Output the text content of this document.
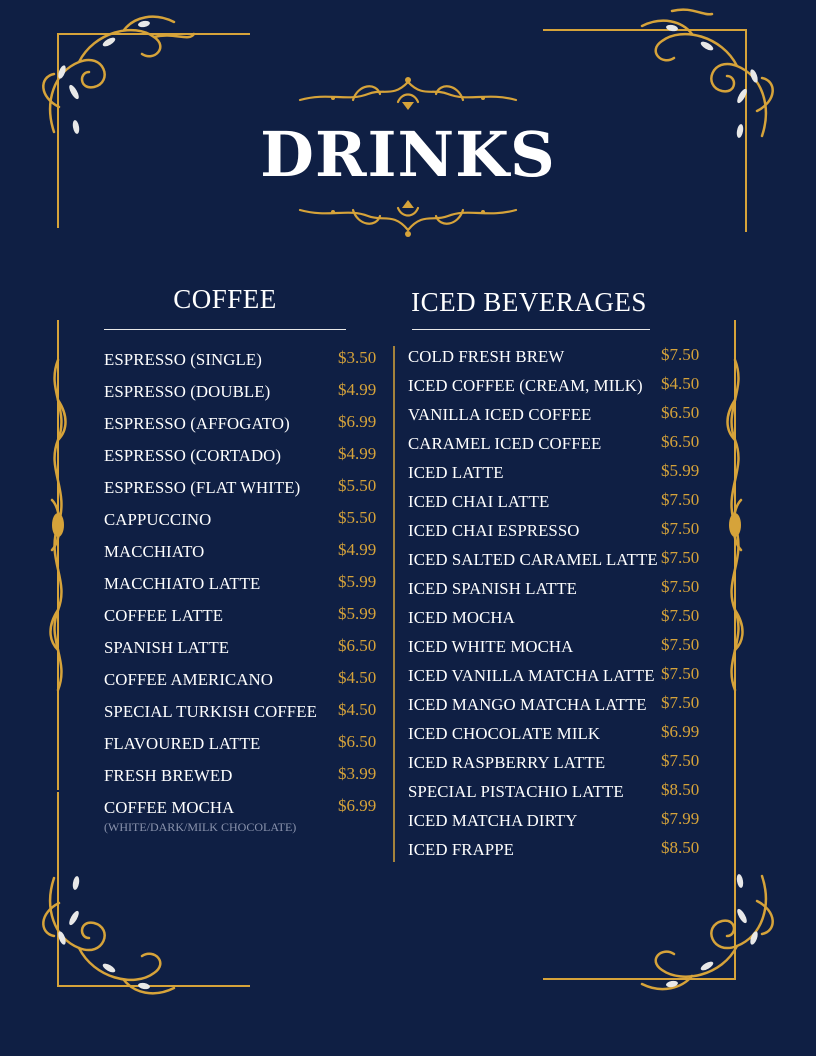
DRINKS
COFFEE	ICED BEVERAGES
ESPRESSO (SINGLE)	$3.50
ESPRESSO (DOUBLE)	$4.99
ESPRESSO (AFFOGATO)	$6.99
ESPRESSO (CORTADO)	$4.99
ESPRESSO (FLAT WHITE) $5.50
CAPPUCCINO	$5.50
MACCHIATO	$4.99
MACCHIATO LATTE	$5.99
COFFEE LATTE	$5.99
SPANISH LATTE	$6.50
COFFEE AMERICANO	$4.50
SPECIAL TURKISH COFFEE $4.50
FLAVOURED LATTE	$6.50
FRESH BREWED	$3.99
COFFEE MOCHA	$6.99
(WHITE/DARK/MILK CHOCOLATE)
COLD FRESH BREW	$7.50
ICED COFFEE (CREAM, MILK) $4.50
VANILLA ICED COFFEE	$6.50
CARAMEL ICED COFFEE	$6.50
ICED LATTE	$5.99
ICED CHAI LATTE	$7.50
ICED CHAI ESPRESSO	$7.50
ICED SALTED CARAMEL LATTE $7.50
ICED SPANISH LATTE	$7.50
ICED MOCHA	$7.50
ICED WHITE MOCHA	$7.50
ICED VANILLA MATCHA LATTE $7.50
ICED MANGO MATCHA LATTE $7.50
ICED CHOCOLATE MILK	$6.99
ICED RASPBERRY LATTE	$7.50
SPECIAL PISTACHIO LATTE $8.50
ICED MATCHA DIRTY	$7.99
ICED FRAPPE	$8.50
